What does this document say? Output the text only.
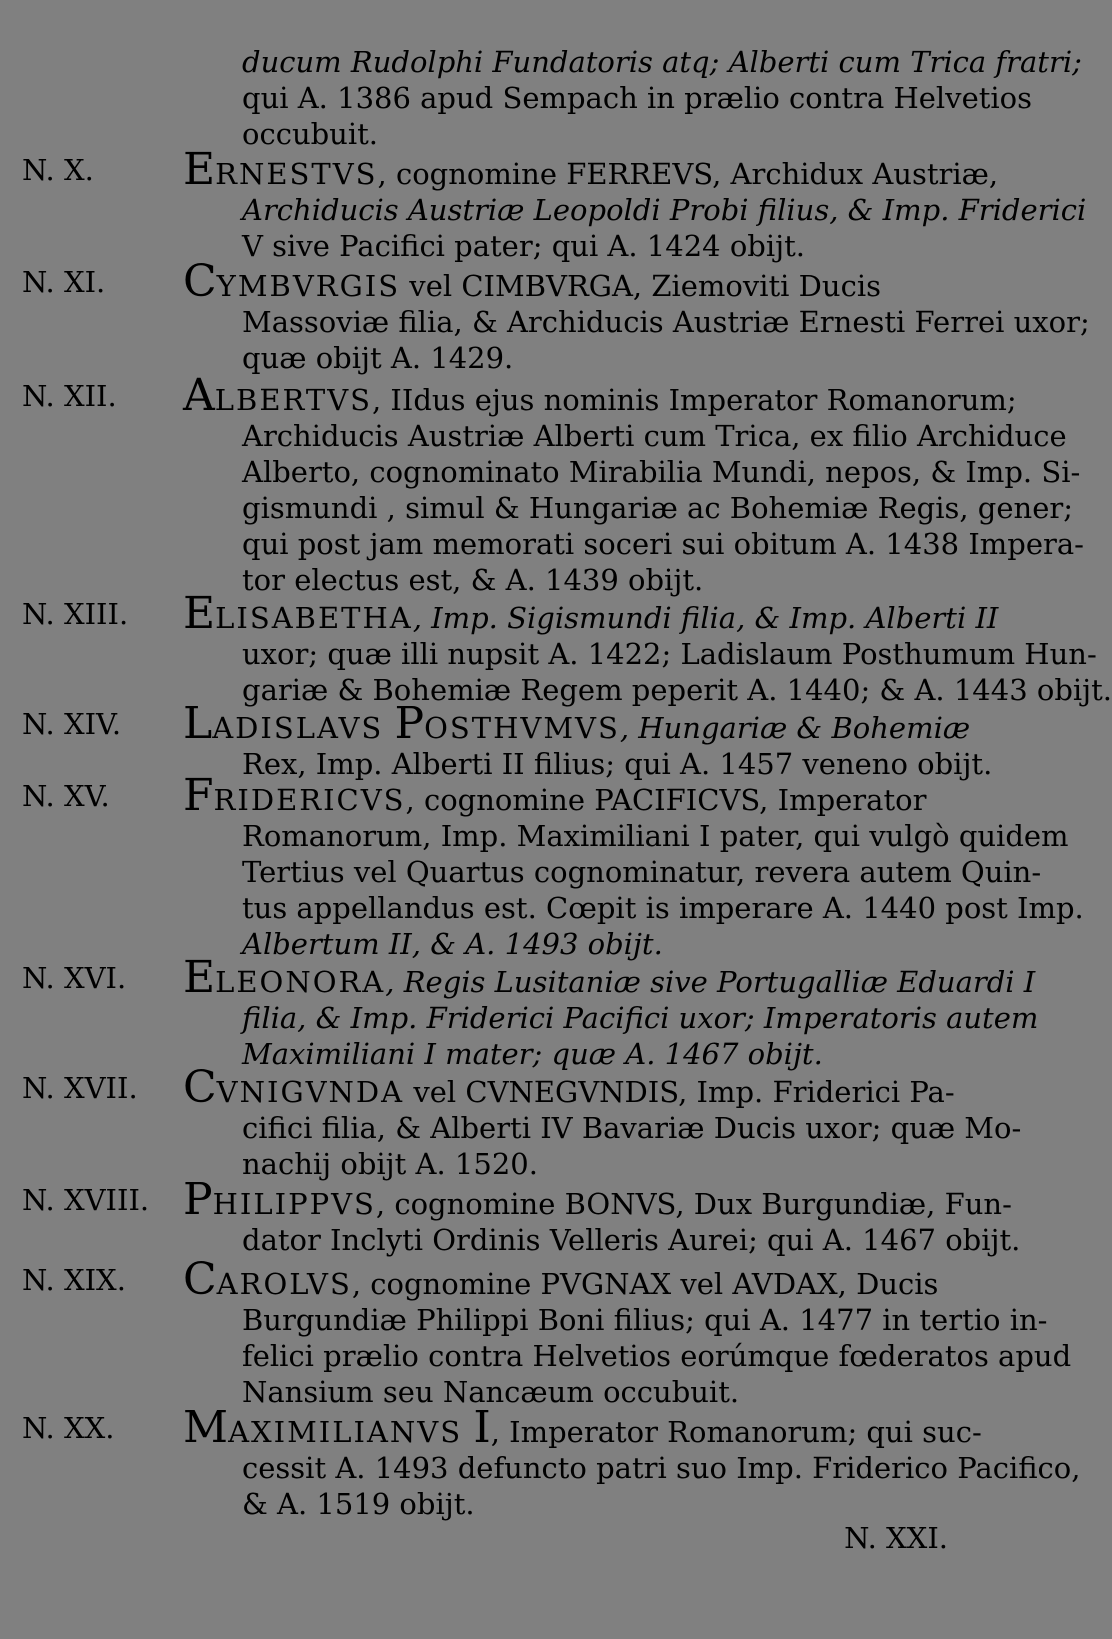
ducum Rudolphi Fundatoris atq; Alberti cum Trica fratri;
qui A. 1386 apud Sempach in prælio contra Helvetios
occubuit.
N. X. ERNESTVS, cognomine FERREVS, Archidux Austriæ,
Archiducis Austriæ Leopoldi Probi filius, & Imp. Friderici
V sive Pacifici pater; qui A. 1424 obijt.
N. XI. CYMBVRGIS vel CIMBVRGA, Ziemoviti Ducis
Massoviæ filia, & Archiducis Austriæ Ernesti Ferrei uxor;
quæ obijt A. 1429.
N. XII. ALBERTVS, IIdus ejus nominis Imperator Romanorum;
Archiducis Austriæ Alberti cum Trica, ex filio Archiduce
Alberto, cognominato Mirabilia Mundi, nepos, & Imp. Si-
gismundi , simul & Hungariæ ac Bohemiæ Regis, gener;
qui post jam memorati soceri sui obitum A. 1438 Impera-
tor electus est, & A. 1439 obijt.
N. XIII. ELISABETHA, Imp. Sigismundi filia, & Imp. Alberti II
uxor; quæ illi nupsit A. 1422; Ladislaum Posthumum Hun-
gariæ & Bohemiæ Regem peperit A. 1440; & A. 1443 obijt.
N. XIV. LADISLAVS POSTHVMVS, Hungariæ & Bohemiæ
Rex, Imp. Alberti II filius; qui A. 1457 veneno obijt.
N. XV. FRIDERICVS, cognomine PACIFICVS, Imperator
Romanorum, Imp. Maximiliani I pater, qui vulgò quidem
Tertius vel Quartus cognominatur, revera autem Quin-
tus appellandus est. Cœpit is imperare A. 1440 post Imp.
Albertum II, & A. 1493 obijt.
N. XVI. ELEONORA, Regis Lusitaniæ sive Portugalliæ Eduardi I
filia, & Imp. Friderici Pacifici uxor; Imperatoris autem
Maximiliani I mater; quæ A. 1467 obijt.
N. XVII. CVNIGVNDA vel CVNEGVNDIS, Imp. Friderici Pa-
cifici filia, & Alberti IV Bavariæ Ducis uxor; quæ Mo-
nachij obijt A. 1520.
N. XVIII. PHILIPPVS, cognomine BONVS, Dux Burgundiæ, Fun-
dator Inclyti Ordinis Velleris Aurei; qui A. 1467 obijt.
N. XIX. CAROLVS, cognomine PVGNAX vel AVDAX, Ducis
Burgundiæ Philippi Boni filius; qui A. 1477 in tertio in-
felici prælio contra Helvetios eorúmque fœderatos apud
Nansium seu Nancæum occubuit.
N. XX. MAXIMILIANVS I, Imperator Romanorum; qui suc-
cessit A. 1493 defuncto patri suo Imp. Friderico Pacifico,
& A. 1519 obijt.
N. XXI.
